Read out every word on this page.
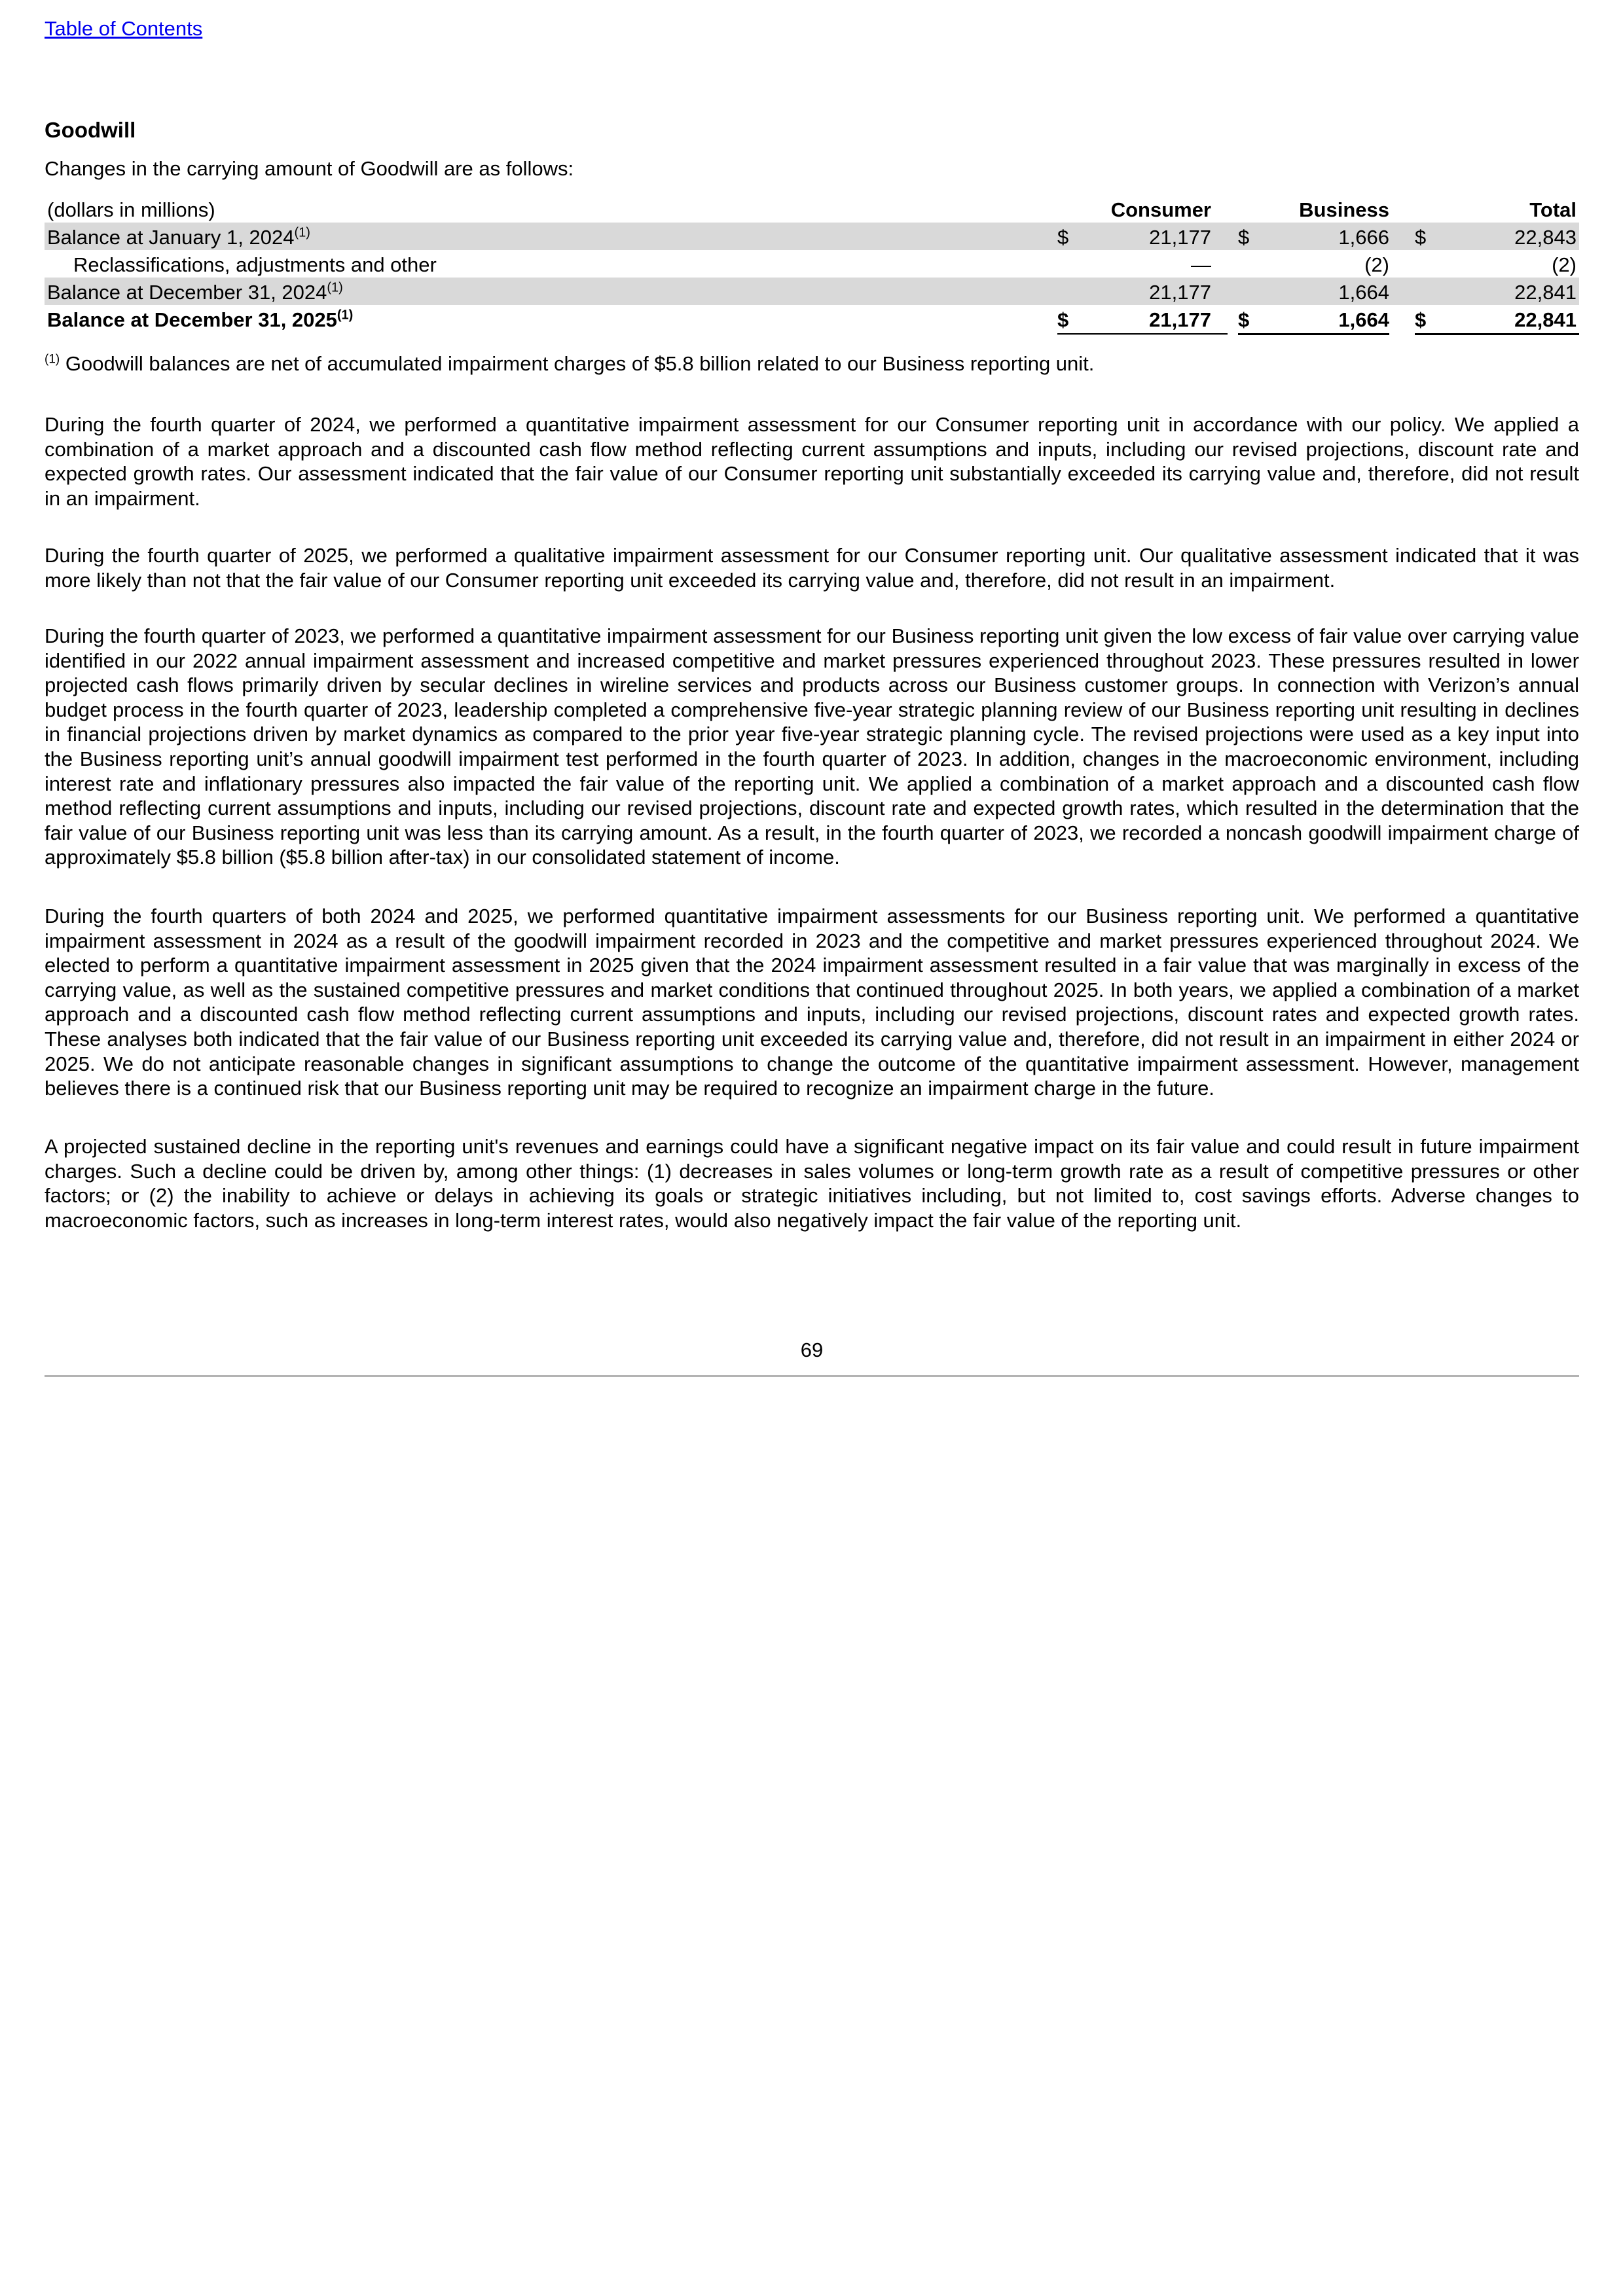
Table of Contents
Goodwill
Changes in the carrying amount of Goodwill are as follows:
(dollars in millions)	Consumer	Business	Total
Balance at January 1, 2024$^{(1)}$	$	21,177 $	1,666 $	22,843
Reclassifications, adjustments and other	—	(2)	(2)
Balance at December 31, 2024$^{(1)}$	21,177	1,664	22,841
Balance at December 31, 2025$^{(1)}$	$	21,177 $	1,664 $	22,841
$^{(1)}$ Goodwill balances are net of accumulated impairment charges of $5.8 billion related to our Business reporting unit.

During the fourth quarter of 2024, we performed a quantitative impairment assessment for our Consumer reporting unit in accordance with our policy. We applied a combination of a market approach and a discounted cash flow method reflecting current assumptions and inputs, including our revised projections, discount rate and expected growth rates. Our assessment indicated that the fair value of our Consumer reporting unit substantially exceeded its carrying value and, therefore, did not result in an impairment.

During the fourth quarter of 2025, we performed a qualitative impairment assessment for our Consumer reporting unit. Our qualitative assessment indicated that it was more likely than not that the fair value of our Consumer reporting unit exceeded its carrying value and, therefore, did not result in an impairment.

During the fourth quarter of 2023, we performed a quantitative impairment assessment for our Business reporting unit given the low excess of fair value over carrying value identified in our 2022 annual impairment assessment and increased competitive and market pressures experienced throughout 2023. These pressures resulted in lower projected cash flows primarily driven by secular declines in wireline services and products across our Business customer groups. In connection with Verizon’s annual budget process in the fourth quarter of 2023, leadership completed a comprehensive five-year strategic planning review of our Business reporting unit resulting in declines in financial projections driven by market dynamics as compared to the prior year five-year strategic planning cycle. The revised projections were used as a key input into the Business reporting unit’s annual goodwill impairment test performed in the fourth quarter of 2023. In addition, changes in the macroeconomic environment, including interest rate and inflationary pressures also impacted the fair value of the reporting unit. We applied a combination of a market approach and a discounted cash flow method reflecting current assumptions and inputs, including our revised projections, discount rate and expected growth rates, which resulted in the determination that the fair value of our Business reporting unit was less than its carrying amount. As a result, in the fourth quarter of 2023, we recorded a noncash goodwill impairment charge of approximately $5.8 billion ($5.8 billion after-tax) in our consolidated statement of income.

During the fourth quarters of both 2024 and 2025, we performed quantitative impairment assessments for our Business reporting unit. We performed a quantitative impairment assessment in 2024 as a result of the goodwill impairment recorded in 2023 and the competitive and market pressures experienced throughout 2024. We elected to perform a quantitative impairment assessment in 2025 given that the 2024 impairment assessment resulted in a fair value that was marginally in excess of the carrying value, as well as the sustained competitive pressures and market conditions that continued throughout 2025. In both years, we applied a combination of a market approach and a discounted cash flow method reflecting current assumptions and inputs, including our revised projections, discount rates and expected growth rates. These analyses both indicated that the fair value of our Business reporting unit exceeded its carrying value and, therefore, did not result in an impairment in either 2024 or 2025. We do not anticipate reasonable changes in significant assumptions to change the outcome of the quantitative impairment assessment. However, management believes there is a continued risk that our Business reporting unit may be required to recognize an impairment charge in the future.

A projected sustained decline in the reporting unit's revenues and earnings could have a significant negative impact on its fair value and could result in future impairment charges. Such a decline could be driven by, among other things: (1) decreases in sales volumes or long-term growth rate as a result of competitive pressures or other factors; or (2) the inability to achieve or delays in achieving its goals or strategic initiatives including, but not limited to, cost savings efforts. Adverse changes to macroeconomic factors, such as increases in long-term interest rates, would also negatively impact the fair value of the reporting unit.

69
